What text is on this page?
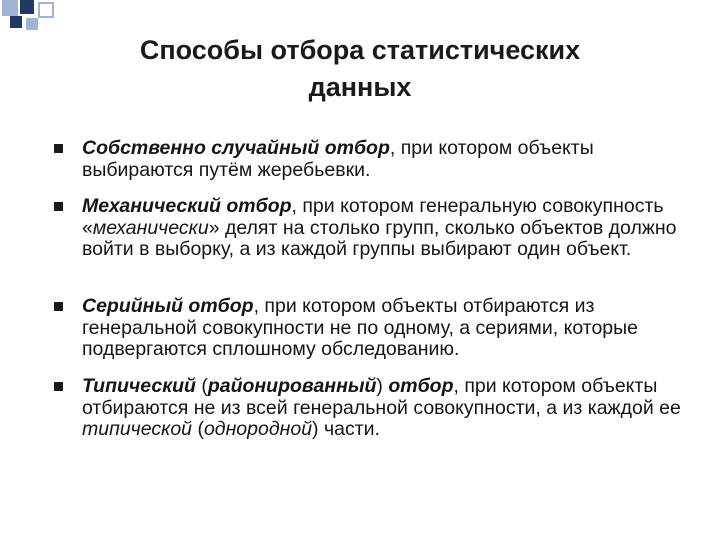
Способы отбора статистических
данных
Собственно случайный отбор, при котором объекты выбираются путём жеребьевки.
Механический отбор, при котором генеральную совокупность «механически» делят на столько групп, сколько объектов должно войти в выборку, а из каждой группы выбирают один объект.
Серийный отбор, при котором объекты отбираются из генеральной совокупности не по одному, а сериями, которые подвергаются сплошному обследованию.
Типический (районированный) отбор, при котором объекты отбираются не из всей генеральной совокупности, а из каждой ее типической (однородной) части.
